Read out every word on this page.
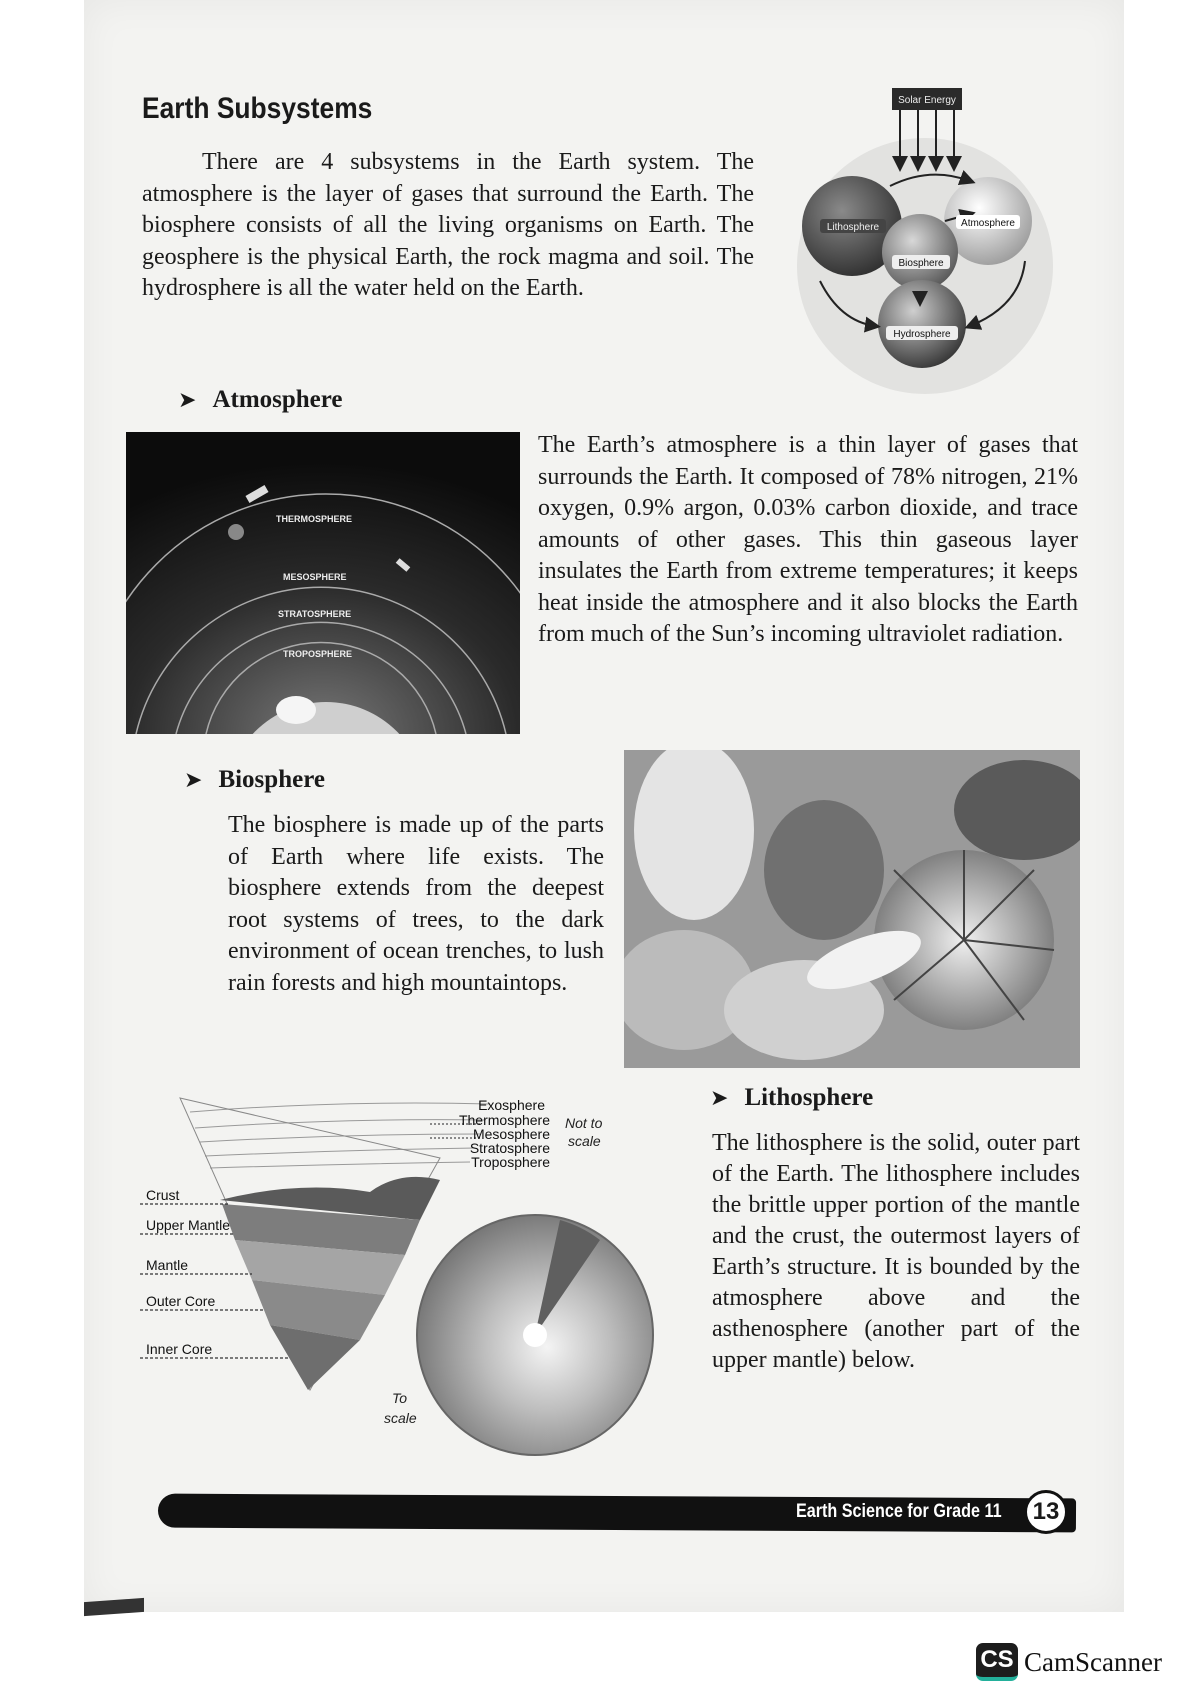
Earth Subsystems

There are 4 subsystems in the Earth system. The atmosphere is the layer of gases that surround the Earth. The biosphere consists of all the living organisms on Earth. The geosphere is the physical Earth, the rock magma and soil. The hydrosphere is all the water held on the Earth.

Solar Energy
Lithosphere	Atmosphere
Biosphere
Hydrosphere
➤ Atmosphere
THERMOSPHERE
MESOSPHERE
STRATOSPHERE
TROPOSPHERE

The Earth’s atmosphere is a thin layer of gases that surrounds the Earth. It composed of 78% nitrogen, 21% oxygen, 0.9% argon, 0.03% carbon dioxide, and trace amounts of other gases. This thin gaseous layer insulates the Earth from extreme temperatures; it keeps heat inside the atmosphere and it also blocks the Earth from much of the Sun’s incoming ultraviolet radiation.

➤ Biosphere

The biosphere is made up of the parts of Earth where life exists. The biosphere extends from the deepest root systems of trees, to the dark environment of ocean trenches, to lush rain forests and high mountaintops.

Exosphere
Thermosphere
Mesosphere
Stratosphere
Troposphere
Not to
scale
To
scale
Crust
Upper Mantle
Mantle
Outer Core
Inner Core
➤ Lithosphere

The lithosphere is the solid, outer part of the Earth. The lithosphere includes the brittle upper portion of the mantle and the crust, the outermost layers of Earth’s structure. It is bounded by the atmosphere above and the asthenosphere (another part of the upper mantle) below.

Earth Science for Grade 11	13
CS CamScanner
